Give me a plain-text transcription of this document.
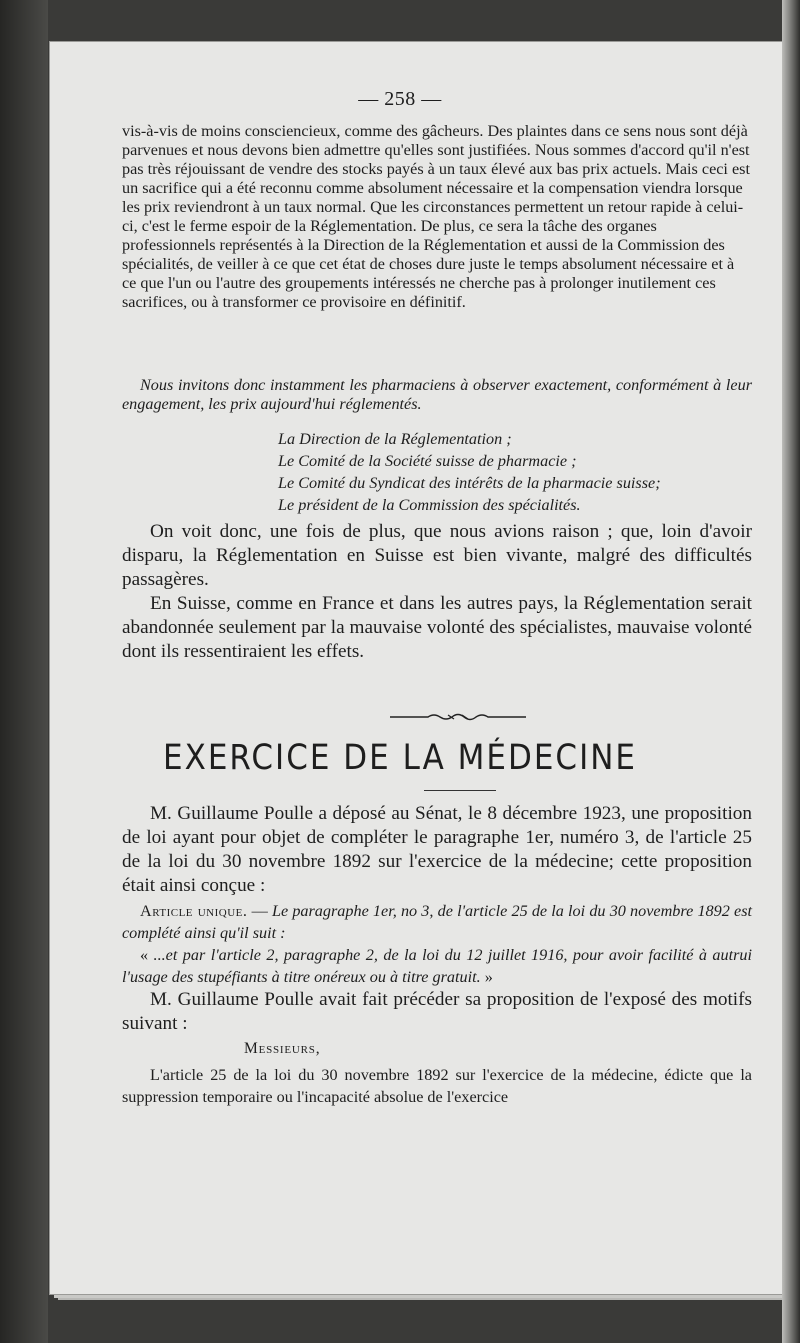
— 258 —

vis-à-vis de moins consciencieux, comme des gâcheurs. Des plaintes dans ce sens nous sont déjà parvenues et nous devons bien admettre qu'elles sont justifiées. Nous sommes d'accord qu'il n'est pas très réjouissant de vendre des stocks payés à un taux élevé aux bas prix actuels. Mais ceci est un sacrifice qui a été reconnu comme absolument nécessaire et la compensation viendra lorsque les prix reviendront à un taux normal. Que les circonstances permettent un retour rapide à celui-ci, c'est le ferme espoir de la Réglementation. De plus, ce sera la tâche des organes professionnels représentés à la Direction de la Réglementation et aussi de la Commission des spécialités, de veiller à ce que cet état de choses dure juste le temps absolument nécessaire et à ce que l'un ou l'autre des groupements intéressés ne cherche pas à prolonger inutilement ces sacrifices, ou à transformer ce provisoire en définitif.

Nous invitons donc instamment les pharmaciens à observer exactement, conformément à leur engagement, les prix aujourd'hui réglementés.
La Direction de la Réglementation ;
Le Comité de la Société suisse de pharmacie ;
Le Comité du Syndicat des intérêts de la pharmacie suisse;
Le président de la Commission des spécialités.

On voit donc, une fois de plus, que nous avions raison ; que, loin d'avoir disparu, la Réglementation en Suisse est bien vivante, malgré des difficultés passagères.

En Suisse, comme en France et dans les autres pays, la Réglementation serait abandonnée seulement par la mauvaise volonté des spécialistes, mauvaise volonté dont ils ressentiraient les effets.

EXERCICE DE LA MÉDECINE

M. Guillaume Poulle a déposé au Sénat, le 8 décembre 1923, une proposition de loi ayant pour objet de compléter le paragraphe 1er, numéro 3, de l'article 25 de la loi du 30 novembre 1892 sur l'exercice de la médecine; cette proposition était ainsi conçue :

Article unique. — Le paragraphe 1er, no 3, de l'article 25 de la loi du 30 novembre 1892 est complété ainsi qu'il suit :

« ...et par l'article 2, paragraphe 2, de la loi du 12 juillet 1916, pour avoir facilité à autrui l'usage des stupéfiants à titre onéreux ou à titre gratuit. »

M. Guillaume Poulle avait fait précéder sa proposition de l'exposé des motifs suivant :

Messieurs,

L'article 25 de la loi du 30 novembre 1892 sur l'exercice de la médecine, édicte que la suppression temporaire ou l'incapacité absolue de l'exercice
